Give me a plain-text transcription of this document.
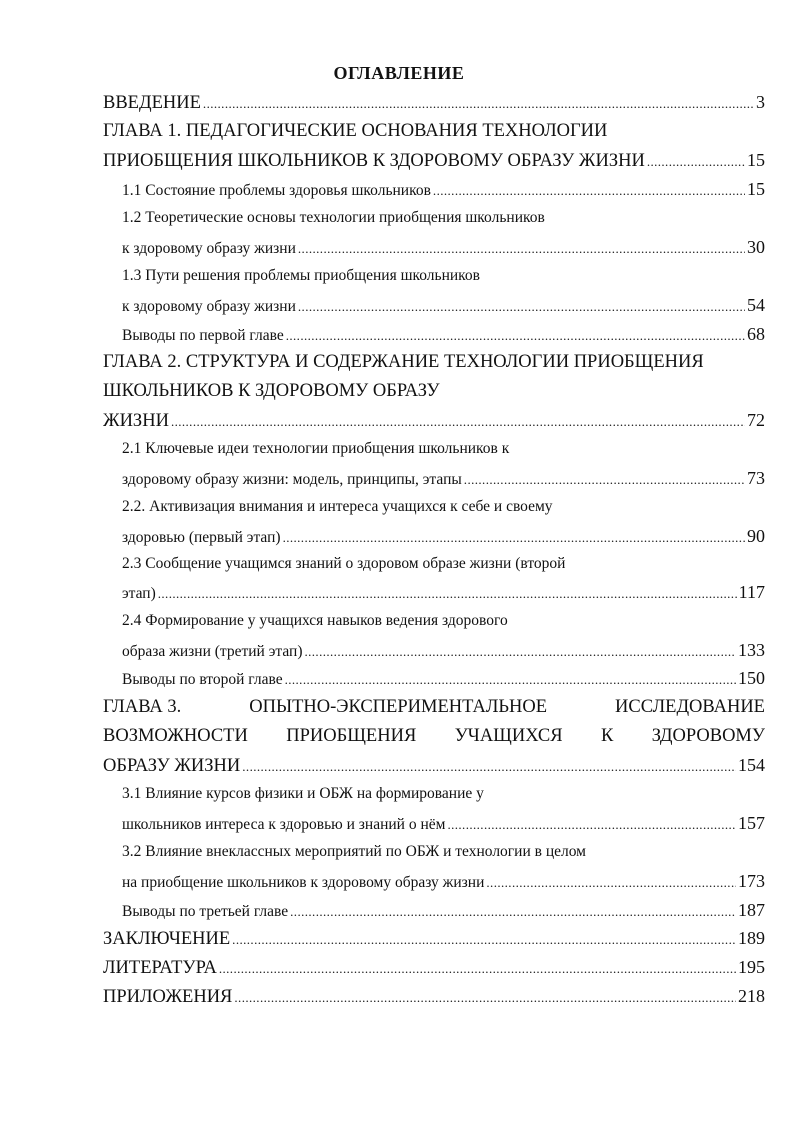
ОГЛАВЛЕНИЕ
ВВЕДЕНИЕ .....	3
ГЛАВА 1. ПЕДАГОГИЧЕСКИЕ ОСНОВАНИЯ ТЕХНОЛОГИИ
ПРИОБЩЕНИЯ ШКОЛЬНИКОВ К ЗДОРОВОМУ ОБРАЗУ ЖИЗНИ .....	15
1.1 Состояние проблемы здоровья школьников .....	15
1.2 Теоретические основы технологии приобщения школьников
к здоровому образу жизни .....	30
1.3 Пути решения проблемы приобщения школьников
к здоровому образу жизни .....	54
Выводы по первой главе .....	68
ГЛАВА 2. СТРУКТУРА И СОДЕРЖАНИЕ ТЕХНОЛОГИИ ПРИОБЩЕНИЯ
ШКОЛЬНИКОВ К ЗДОРОВОМУ ОБРАЗУ
ЖИЗНИ .....	72
2.1 Ключевые идеи технологии приобщения школьников к
здоровому образу жизни: модель, принципы, этапы .....	73
2.2. Активизация внимания и интереса учащихся к себе и своему
здоровью (первый этап) .....	90
2.3 Сообщение учащимся знаний о здоровом образе жизни (второй
этап) .....	117
2.4 Формирование у учащихся навыков ведения здорового
образа жизни (третий этап) .....	133
Выводы по второй главе .....	150
ГЛАВА 3.	ОПЫТНО-ЭКСПЕРИМЕНТАЛЬНОЕ	ИССЛЕДОВАНИЕ
ВОЗМОЖНОСТИ ПРИОБЩЕНИЯ УЧАЩИХСЯ К ЗДОРОВОМУ
ОБРАЗУ ЖИЗНИ .....	154
3.1 Влияние курсов физики и ОБЖ на формирование у
школьников интереса к здоровью и знаний о нём .....	157
3.2 Влияние внеклассных мероприятий по ОБЖ и технологии в целом
на приобщение школьников к здоровому образу жизни .....	173
Выводы по третьей главе .....	187
ЗАКЛЮЧЕНИЕ .....	189
ЛИТЕРАТУРА .....	195
ПРИЛОЖЕНИЯ .....	218
